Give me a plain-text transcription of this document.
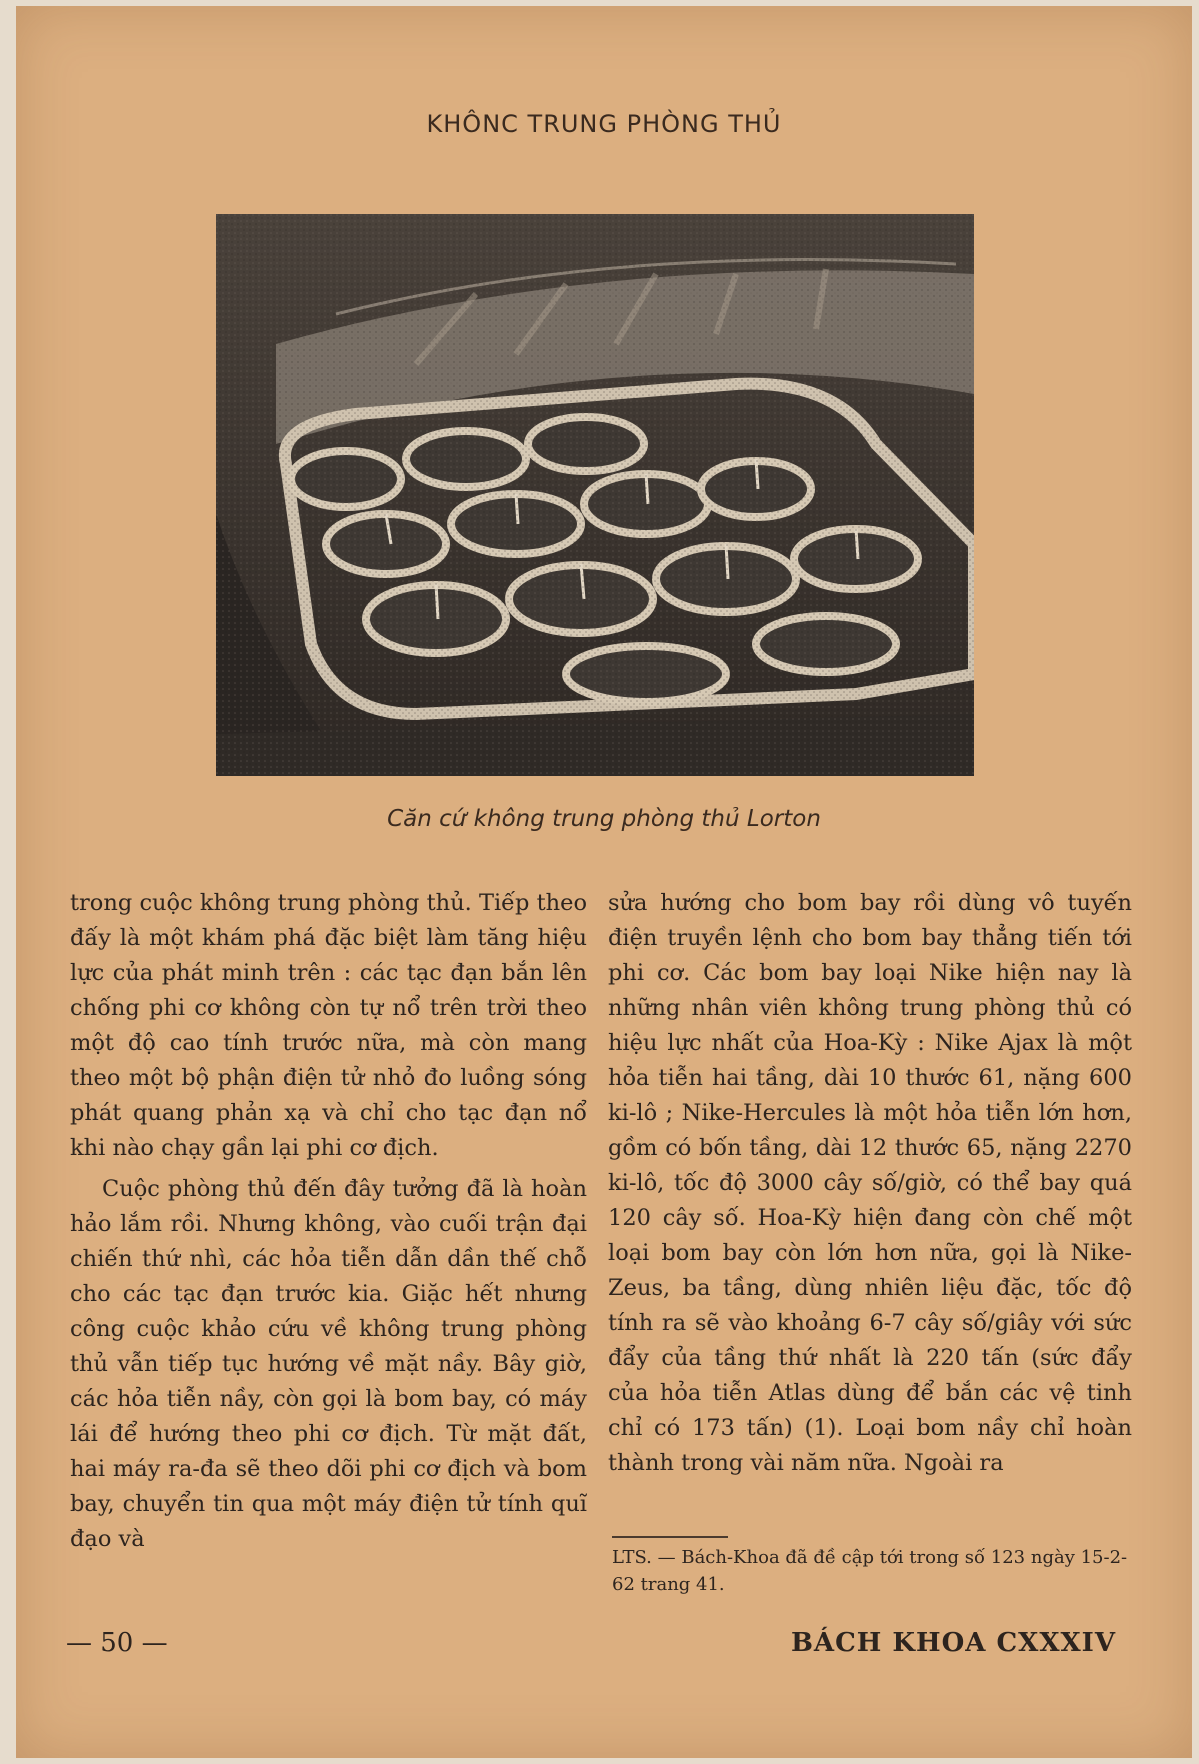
KHÔNC TRUNG PHÒNG THỦ
Căn cứ không trung phòng thủ Lorton

trong cuộc không trung phòng thủ. Tiếp theo đấy là một khám phá đặc biệt làm tăng hiệu lực của phát minh trên : các tạc đạn bắn lên chống phi cơ không còn tự nổ trên trời theo một độ cao tính trước nữa, mà còn mang theo một bộ phận điện tử nhỏ đo luồng sóng phát quang phản xạ và chỉ cho tạc đạn nổ khi nào chạy gần lại phi cơ địch.

Cuộc phòng thủ đến đây tưởng đã là hoàn hảo lắm rồi. Nhưng không, vào cuối trận đại chiến thứ nhì, các hỏa tiễn dẫn dần thế chỗ cho các tạc đạn trước kia. Giặc hết nhưng công cuộc khảo cứu về không trung phòng thủ vẫn tiếp tục hướng về mặt nầy. Bây giờ, các hỏa tiễn nầy, còn gọi là bom bay, có máy lái để hướng theo phi cơ địch. Từ mặt đất, hai máy ra-đa sẽ theo dõi phi cơ địch và bom bay, chuyển tin qua một máy điện tử tính quĩ đạo và

sửa hướng cho bom bay rồi dùng vô tuyến điện truyền lệnh cho bom bay thẳng tiến tới phi cơ. Các bom bay loại Nike hiện nay là những nhân viên không trung phòng thủ có hiệu lực nhất của Hoa-Kỳ : Nike Ajax là một hỏa tiễn hai tầng, dài 10 thước 61, nặng 600 ki-lô ; Nike-Hercules là một hỏa tiễn lớn hơn, gồm có bốn tầng, dài 12 thước 65, nặng 2270 ki-lô, tốc độ 3000 cây số/giờ, có thể bay quá 120 cây số. Hoa-Kỳ hiện đang còn chế một loại bom bay còn lớn hơn nữa, gọi là Nike-Zeus, ba tầng, dùng nhiên liệu đặc, tốc độ tính ra sẽ vào khoảng 6-7 cây số/giây với sức đẩy của tầng thứ nhất là 220 tấn (sức đẩy của hỏa tiễn Atlas dùng để bắn các vệ tinh chỉ có 173 tấn) (1). Loại bom nầy chỉ hoàn thành trong vài năm nữa. Ngoài ra

LTS. — Bách-Khoa đã đề cập tới trong số 123 ngày 15-2-62 trang 41.
— 50 —	BÁCH KHOA CXXXIV
